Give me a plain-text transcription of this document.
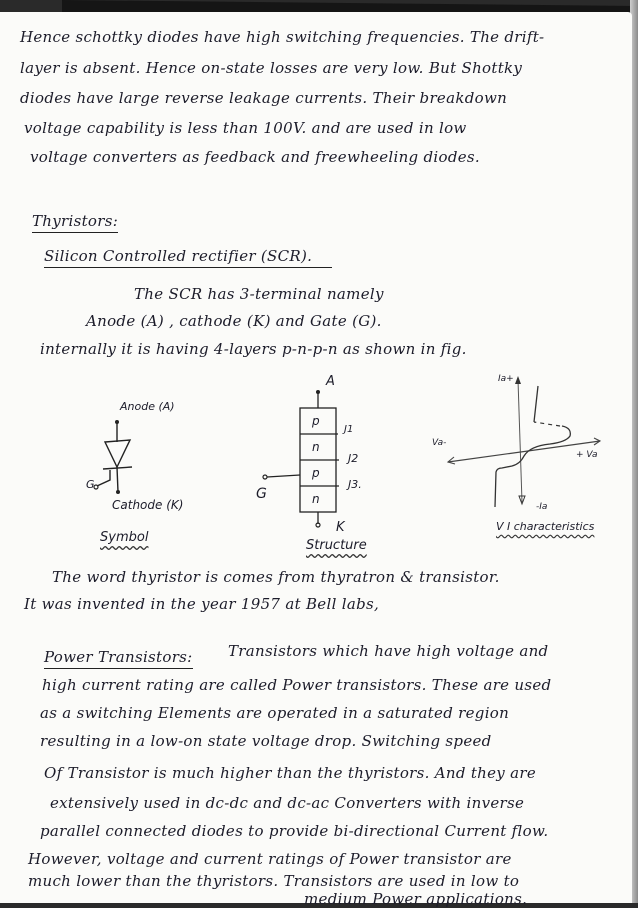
Hence schottky diodes have high switching frequencies. The drift-
layer is absent. Hence on-state losses are very low. But Shottky
diodes have large reverse leakage currents. Their breakdown
voltage capability is less than 100V. and are used in low
voltage converters as feedback and freewheeling diodes.
Thyristors:
Silicon Controlled rectifier (SCR).
The SCR has 3-terminal namely
Anode (A) , cathode (K) and Gate (G).
internally it is having 4-layers p-n-p-n as shown in fig.
Anode (A)
G
Cathode (K)
Symbol
A
p
n
p
n
J1
J2
J3.
G
K
Structure
Ia+
Va-
+ Va
-Ia
V I characteristics
The word thyristor is comes from thyratron & transistor.
It was invented in the year 1957 at Bell labs,
Power Transistors: Transistors which have high voltage and
high current rating are called Power transistors. These are used
as a switching Elements are operated in a saturated region
resulting in a low-on state voltage drop. Switching speed
Of Transistor is much higher than the thyristors. And they are
extensively used in dc-dc and dc-ac Converters with inverse
parallel connected diodes to provide bi-directional Current flow.
However, voltage and current ratings of Power transistor are
much lower than the thyristors. Transistors are used in low to
medium Power applications.
